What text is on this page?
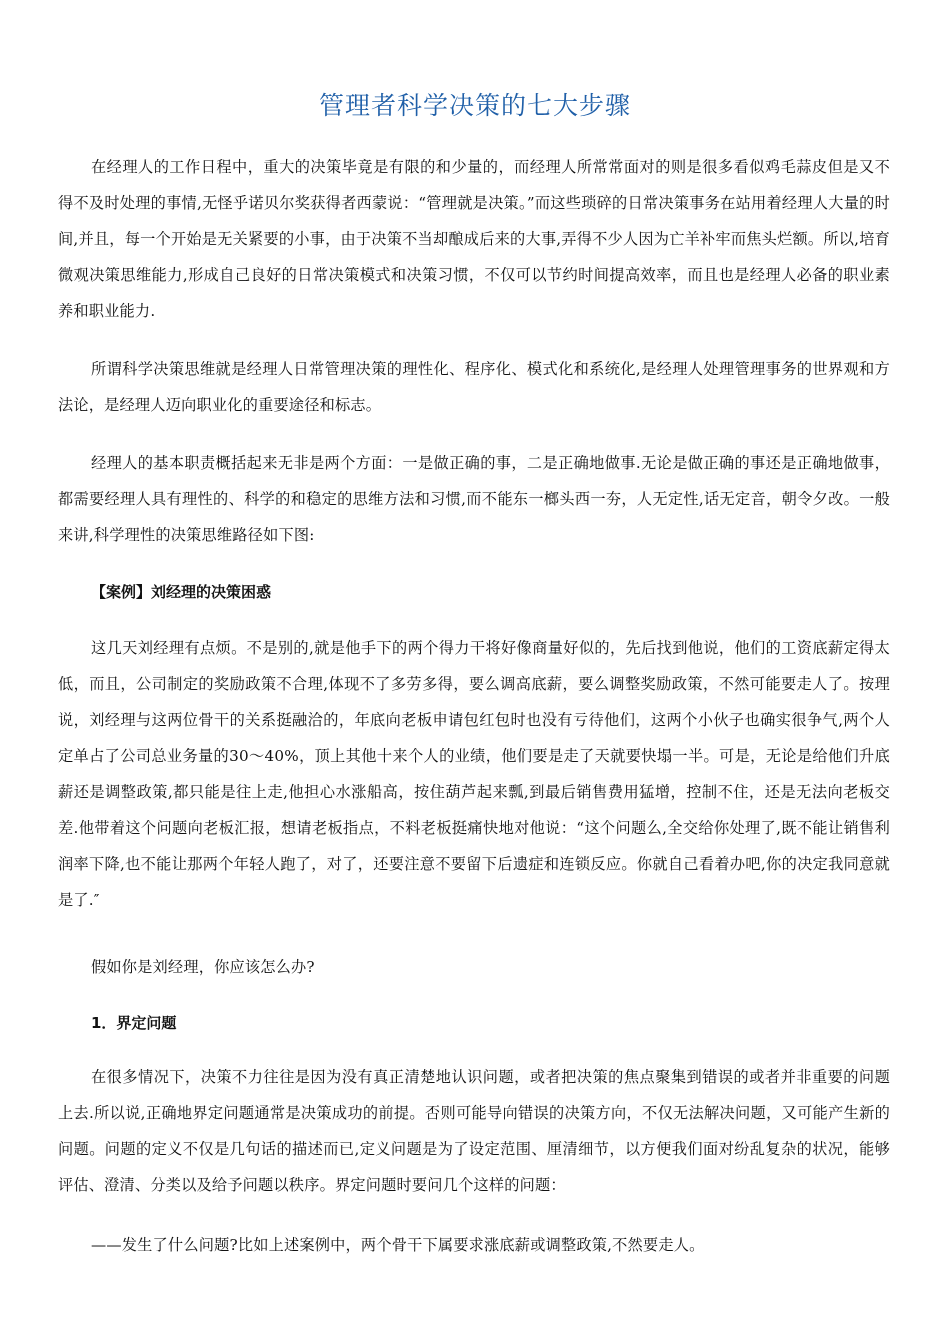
管理者科学决策的七大步骤

在经理人的工作日程中，重大的决策毕竟是有限的和少量的，而经理人所常常面对的则是很多看似鸡毛蒜皮但是又不得不及时处理的事情,无怪乎诺贝尔奖获得者西蒙说：“管理就是决策。”而这些琐碎的日常决策事务在站用着经理人大量的时间,并且，每一个开始是无关紧要的小事，由于决策不当却酿成后来的大事,弄得不少人因为亡羊补牢而焦头烂额。所以,培育微观决策思维能力,形成自己良好的日常决策模式和决策习惯，不仅可以节约时间提高效率，而且也是经理人必备的职业素养和职业能力.

所谓科学决策思维就是经理人日常管理决策的理性化、程序化、模式化和系统化,是经理人处理管理事务的世界观和方法论，是经理人迈向职业化的重要途径和标志。

经理人的基本职责概括起来无非是两个方面：一是做正确的事，二是正确地做事.无论是做正确的事还是正确地做事，都需要经理人具有理性的、科学的和稳定的思维方法和习惯,而不能东一榔头西一夯，人无定性,话无定音，朝令夕改。一般来讲,科学理性的决策思维路径如下图:

【案例】刘经理的决策困惑

这几天刘经理有点烦。不是别的,就是他手下的两个得力干将好像商量好似的，先后找到他说，他们的工资底薪定得太低，而且，公司制定的奖励政策不合理,体现不了多劳多得，要么调高底薪，要么调整奖励政策，不然可能要走人了。按理说，刘经理与这两位骨干的关系挺融洽的，年底向老板申请包红包时也没有亏待他们，这两个小伙子也确实很争气,两个人定单占了公司总业务量的30～40%，顶上其他十来个人的业绩，他们要是走了天就要快塌一半。可是，无论是给他们升底薪还是调整政策,都只能是往上走,他担心水涨船高，按住葫芦起来瓢,到最后销售费用猛增，控制不住，还是无法向老板交差.他带着这个问题向老板汇报，想请老板指点，不料老板挺痛快地对他说：“这个问题么,全交给你处理了,既不能让销售利润率下降,也不能让那两个年轻人跑了，对了，还要注意不要留下后遗症和连锁反应。你就自己看着办吧,你的决定我同意就是了.″

假如你是刘经理，你应该怎么办?

1．界定问题

在很多情况下，决策不力往往是因为没有真正清楚地认识问题，或者把决策的焦点聚集到错误的或者并非重要的问题上去.所以说,正确地界定问题通常是决策成功的前提。否则可能导向错误的决策方向，不仅无法解决问题，又可能产生新的问题。问题的定义不仅是几句话的描述而已,定义问题是为了设定范围、厘清细节，以方便我们面对纷乱复杂的状况，能够评估、澄清、分类以及给予问题以秩序。界定问题时要问几个这样的问题：

——发生了什么问题?比如上述案例中，两个骨干下属要求涨底薪或调整政策,不然要走人。
